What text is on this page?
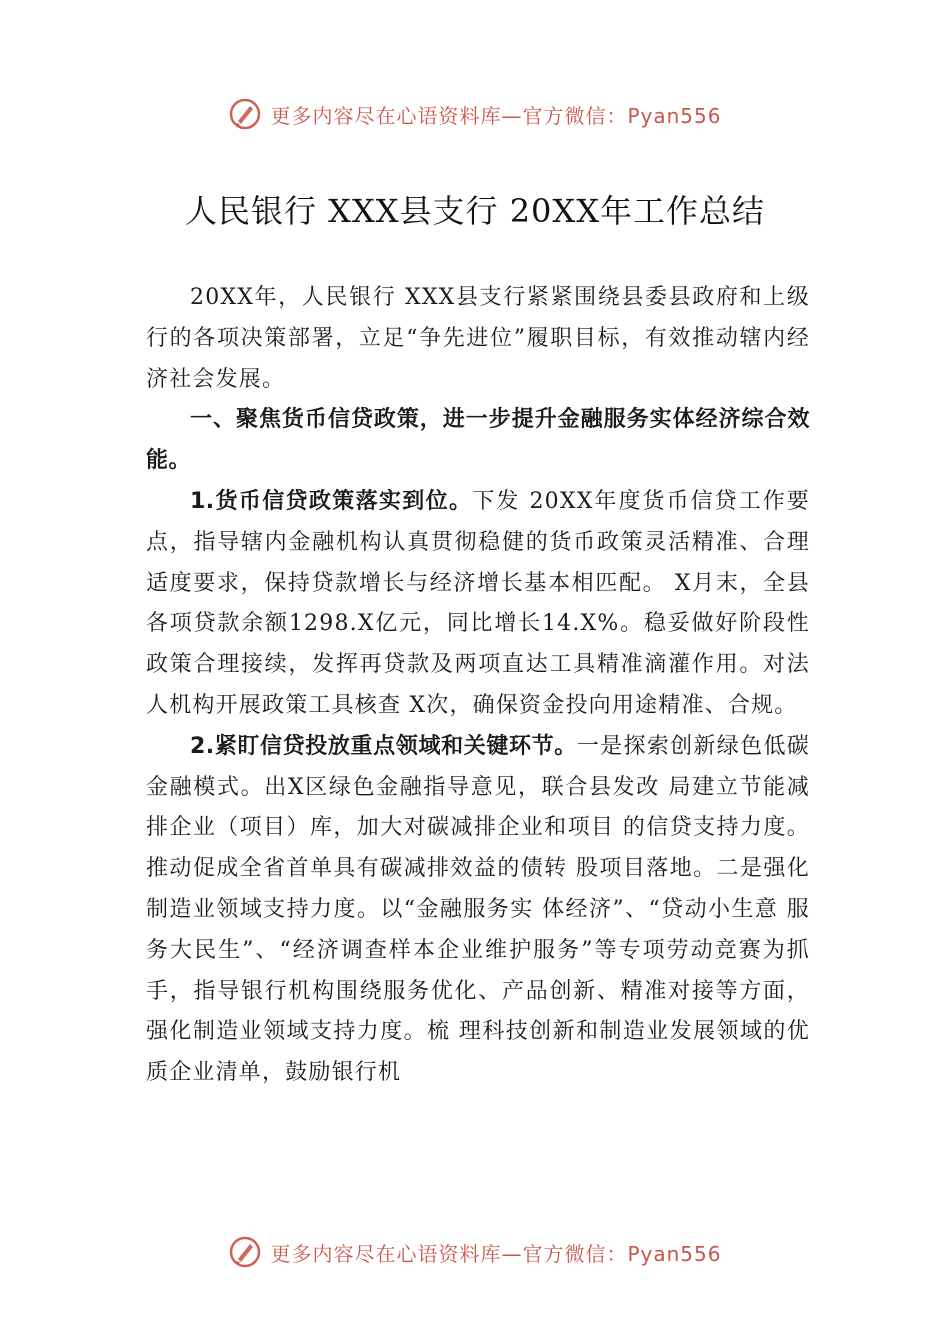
更多内容尽在心语资料库—官方微信：Pyan556
人民银行 XXX县支行 20XX年工作总结

20XX年，人民银行 XXX县支行紧紧围绕县委县政府和上级行的各项决策部署，立足“争先进位”履职目标，有效推动辖内经济社会发展。

一、聚焦货币信贷政策，进一步提升金融服务实体经济综合效能。

1.货币信贷政策落实到位。下发 20XX年度货币信贷工作要点，指导辖内金融机构认真贯彻稳健的货币政策灵活精准、合理适度要求，保持贷款增长与经济增长基本相匹配。 X月末，全县各项贷款余额1298.X亿元，同比增长14.X%。稳妥做好阶段性政策合理接续，发挥再贷款及两项直达工具精准滴灌作用。对法人机构开展政策工具核查 X次，确保资金投向用途精准、合规。

2.紧盯信贷投放重点领域和关键环节。一是探索创新绿色低碳金融模式。出X区绿色金融指导意见，联合县发改 局建立节能减排企业（项目）库，加大对碳减排企业和项目 的信贷支持力度。推动促成全省首单具有碳减排效益的债转 股项目落地。二是强化制造业领域支持力度。以“金融服务实 体经济”、“贷动小生意 服务大民生”、“经济调查样本企业维护服务”等专项劳动竞赛为抓手，指导银行机构围绕服务优化、产品创新、精准对接等方面，强化制造业领域支持力度。梳 理科技创新和制造业发展领域的优质企业清单，鼓励银行机

更多内容尽在心语资料库—官方微信：Pyan556
